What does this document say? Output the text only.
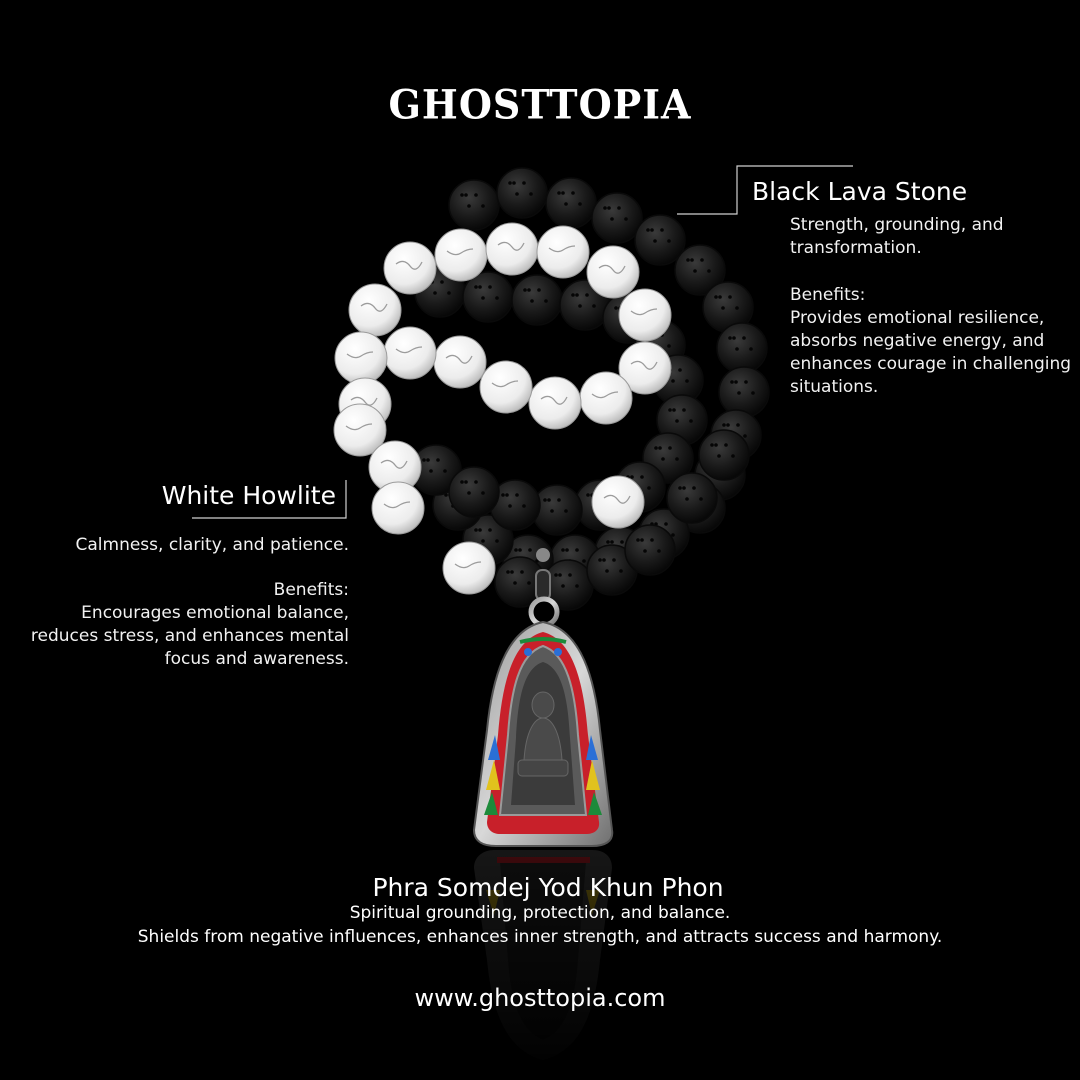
GHOSTTOPIA
Black Lava Stone
Strength, grounding, and transformation.
Benefits:
Provides emotional resilience, absorbs negative energy, and enhances courage in challenging situations.
White Howlite
Calmness, clarity, and patience.
Benefits:
Encourages emotional balance, reduces stress, and enhances mental focus and awareness.
Phra Somdej Yod Khun Phon
Spiritual grounding, protection, and balance.
Shields from negative influences, enhances inner strength, and attracts success and harmony.
www.ghosttopia.com
